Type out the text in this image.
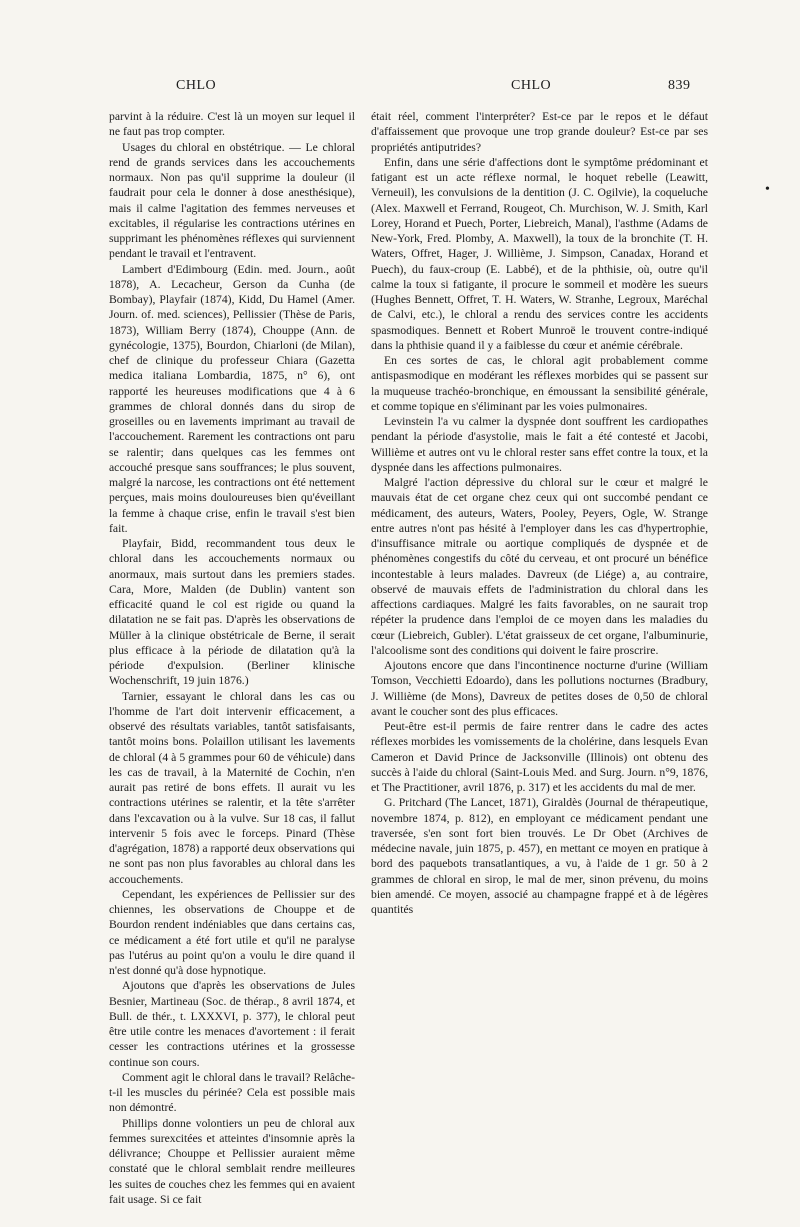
CHLO	CHLO	839
•

parvint à la réduire. C'est là un moyen sur lequel il ne faut pas trop compter.

Usages du chloral en obstétrique. — Le chloral rend de grands services dans les accouchements normaux. Non pas qu'il supprime la douleur (il faudrait pour cela le donner à dose anesthésique), mais il calme l'agitation des femmes nerveuses et excitables, il régularise les contractions utérines en supprimant les phénomènes réflexes qui surviennent pendant le travail et l'entravent.

Lambert d'Edimbourg (Edin. med. Journ., août 1878), A. Lecacheur, Gerson da Cunha (de Bombay), Playfair (1874), Kidd, Du Hamel (Amer. Journ. of. med. sciences), Pellissier (Thèse de Paris, 1873), William Berry (1874), Chouppe (Ann. de gynécologie, 1375), Bourdon, Chiarloni (de Milan), chef de clinique du professeur Chiara (Gazetta medica italiana Lombardia, 1875, n° 6), ont rapporté les heureuses modifications que 4 à 6 grammes de chloral donnés dans du sirop de groseilles ou en lavements imprimant au travail de l'accouchement. Rarement les contractions ont paru se ralentir; dans quelques cas les femmes ont accouché presque sans souffrances; le plus souvent, malgré la narcose, les contractions ont été nettement perçues, mais moins douloureuses bien qu'éveillant la femme à chaque crise, enfin le travail s'est bien fait.

Playfair, Bidd, recommandent tous deux le chloral dans les accouchements normaux ou anormaux, mais surtout dans les premiers stades. Cara, More, Malden (de Dublin) vantent son efficacité quand le col est rigide ou quand la dilatation ne se fait pas. D'après les observations de Müller à la clinique obstétricale de Berne, il serait plus efficace à la période de dilatation qu'à la période d'expulsion. (Berliner klinische Wochenschrift, 19 juin 1876.)

Tarnier, essayant le chloral dans les cas ou l'homme de l'art doit intervenir efficacement, a observé des résultats variables, tantôt satisfaisants, tantôt moins bons. Polaillon utilisant les lavements de chloral (4 à 5 grammes pour 60 de véhicule) dans les cas de travail, à la Maternité de Cochin, n'en aurait pas retiré de bons effets. Il aurait vu les contractions utérines se ralentir, et la tête s'arrêter dans l'excavation ou à la vulve. Sur 18 cas, il fallut intervenir 5 fois avec le forceps. Pinard (Thèse d'agrégation, 1878) a rapporté deux observations qui ne sont pas non plus favorables au chloral dans les accouchements.

Cependant, les expériences de Pellissier sur des chiennes, les observations de Chouppe et de Bourdon rendent indéniables que dans certains cas, ce médicament a été fort utile et qu'il ne paralyse pas l'utérus au point qu'on a voulu le dire quand il n'est donné qu'à dose hypnotique.

Ajoutons que d'après les observations de Jules Besnier, Martineau (Soc. de thérap., 8 avril 1874, et Bull. de thér., t. LXXXVI, p. 377), le chloral peut être utile contre les menaces d'avortement : il ferait cesser les contractions utérines et la grossesse continue son cours.

Comment agit le chloral dans le travail? Relâche-t-il les muscles du périnée? Cela est possible mais non démontré.

Phillips donne volontiers un peu de chloral aux femmes surexcitées et atteintes d'insomnie après la délivrance; Chouppe et Pellissier auraient même constaté que le chloral semblait rendre meilleures les suites de couches chez les femmes qui en avaient fait usage. Si ce fait

était réel, comment l'interpréter? Est-ce par le repos et le défaut d'affaissement que provoque une trop grande douleur? Est-ce par ses propriétés antiputrides?

Enfin, dans une série d'affections dont le symptôme prédominant et fatigant est un acte réflexe normal, le hoquet rebelle (Leawitt, Verneuil), les convulsions de la dentition (J. C. Ogilvie), la coqueluche (Alex. Maxwell et Ferrand, Rougeot, Ch. Murchison, W. J. Smith, Karl Lorey, Horand et Puech, Porter, Liebreich, Manal), l'asthme (Adams de New-York, Fred. Plomby, A. Maxwell), la toux de la bronchite (T. H. Waters, Offret, Hager, J. Willième, J. Simpson, Canadax, Horand et Puech), du faux-croup (E. Labbé), et de la phthisie, où, outre qu'il calme la toux si fatigante, il procure le sommeil et modère les sueurs (Hughes Bennett, Offret, T. H. Waters, W. Stranhe, Legroux, Maréchal de Calvi, etc.), le chloral a rendu des services contre les accidents spasmodiques. Bennett et Robert Munroë le trouvent contre-indiqué dans la phthisie quand il y a faiblesse du cœur et anémie cérébrale.

En ces sortes de cas, le chloral agit probablement comme antispasmodique en modérant les réflexes morbides qui se passent sur la muqueuse trachéo-bronchique, en émoussant la sensibilité générale, et comme topique en s'éliminant par les voies pulmonaires.

Levinstein l'a vu calmer la dyspnée dont souffrent les cardiopathes pendant la période d'asystolie, mais le fait a été contesté et Jacobi, Willième et autres ont vu le chloral rester sans effet contre la toux, et la dyspnée dans les affections pulmonaires.

Malgré l'action dépressive du chloral sur le cœur et malgré le mauvais état de cet organe chez ceux qui ont succombé pendant ce médicament, des auteurs, Waters, Pooley, Peyers, Ogle, W. Strange entre autres n'ont pas hésité à l'employer dans les cas d'hypertrophie, d'insuffisance mitrale ou aortique compliqués de dyspnée et de phénomènes congestifs du côté du cerveau, et ont procuré un bénéfice incontestable à leurs malades. Davreux (de Liége) a, au contraire, observé de mauvais effets de l'administration du chloral dans les affections cardiaques. Malgré les faits favorables, on ne saurait trop répéter la prudence dans l'emploi de ce moyen dans les maladies du cœur (Liebreich, Gubler). L'état graisseux de cet organe, l'albuminurie, l'alcoolisme sont des conditions qui doivent le faire proscrire.

Ajoutons encore que dans l'incontinence nocturne d'urine (William Tomson, Vecchietti Edoardo), dans les pollutions nocturnes (Bradbury, J. Willième (de Mons), Davreux de petites doses de 0,50 de chloral avant le coucher sont des plus efficaces.

Peut-être est-il permis de faire rentrer dans le cadre des actes réflexes morbides les vomissements de la cholérine, dans lesquels Evan Cameron et David Prince de Jacksonville (Illinois) ont obtenu des succès à l'aide du chloral (Saint-Louis Med. and Surg. Journ. n°9, 1876, et The Practitioner, avril 1876, p. 317) et les accidents du mal de mer.

G. Pritchard (The Lancet, 1871), Giraldès (Journal de thérapeutique, novembre 1874, p. 812), en employant ce médicament pendant une traversée, s'en sont fort bien trouvés. Le Dr Obet (Archives de médecine navale, juin 1875, p. 457), en mettant ce moyen en pratique à bord des paquebots transatlantiques, a vu, à l'aide de 1 gr. 50 à 2 grammes de chloral en sirop, le mal de mer, sinon prévenu, du moins bien amendé. Ce moyen, associé au champagne frappé et à de légères quantités
